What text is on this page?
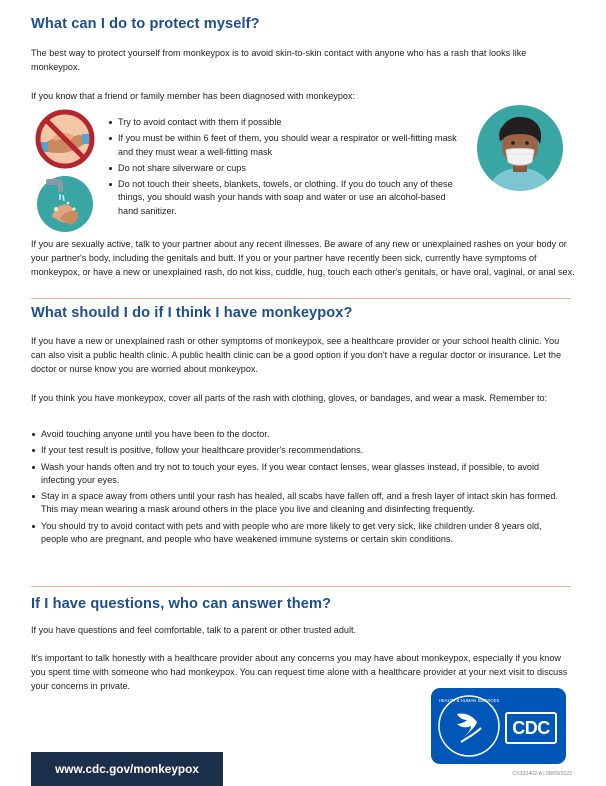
What can I do to protect myself?

The best way to protect yourself from monkeypox is to avoid skin-to-skin contact with anyone who has a rash that looks like monkeypox.

If you know that a friend or family member has been diagnosed with monkeypox:

Try to avoid contact with them if possible
If you must be within 6 feet of them, you should wear a respirator or well-fitting mask and they must wear a well-fitting mask
Do not share silverware or cups
Do not touch their sheets, blankets, towels, or clothing. If you do touch any of these things, you should wash your hands with soap and water or use an alcohol-based hand sanitizer.

If you are sexually active, talk to your partner about any recent illnesses. Be aware of any new or unexplained rashes on your body or your partner's body, including the genitals and butt. If you or your partner have recently been sick, currently have symptoms of monkeypox, or have a new or unexplained rash, do not kiss, cuddle, hug, touch each other's genitals, or have oral, vaginal, or anal sex.

What should I do if I think I have monkeypox?

If you have a new or unexplained rash or other symptoms of monkeypox, see a healthcare provider or your school health clinic. You can also visit a public health clinic. A public health clinic can be a good option if you don't have a regular doctor or insurance. Let the doctor or nurse know you are worried about monkeypox.

If you think you have monkeypox, cover all parts of the rash with clothing, gloves, or bandages, and wear a mask. Remember to:

Avoid touching anyone until you have been to the doctor.
If your test result is positive, follow your healthcare provider's recommendations.
Wash your hands often and try not to touch your eyes. If you wear contact lenses, wear glasses instead, if possible, to avoid infecting your eyes.
Stay in a space away from others until your rash has healed, all scabs have fallen off, and a fresh layer of intact skin has formed. This may mean wearing a mask around others in the place you live and cleaning and disinfecting frequently.
You should try to avoid contact with pets and with people who are more likely to get very sick, like children under 8 years old, people who are pregnant, and people who have weakened immune systems or certain skin conditions.
If I have questions, who can answer them?

If you have questions and feel comfortable, talk to a parent or other trusted adult.

It's important to talk honestly with a healthcare provider about any concerns you may have about monkeypox, especially if you know you spent time with someone who had monkeypox. You can request time alone with a healthcare provider at your next visit to discuss your concerns in private.

HEALTH & HUMAN SERVICES
CDC
www.cdc.gov/monkeypox	CS333402-A | 08/09/2022
